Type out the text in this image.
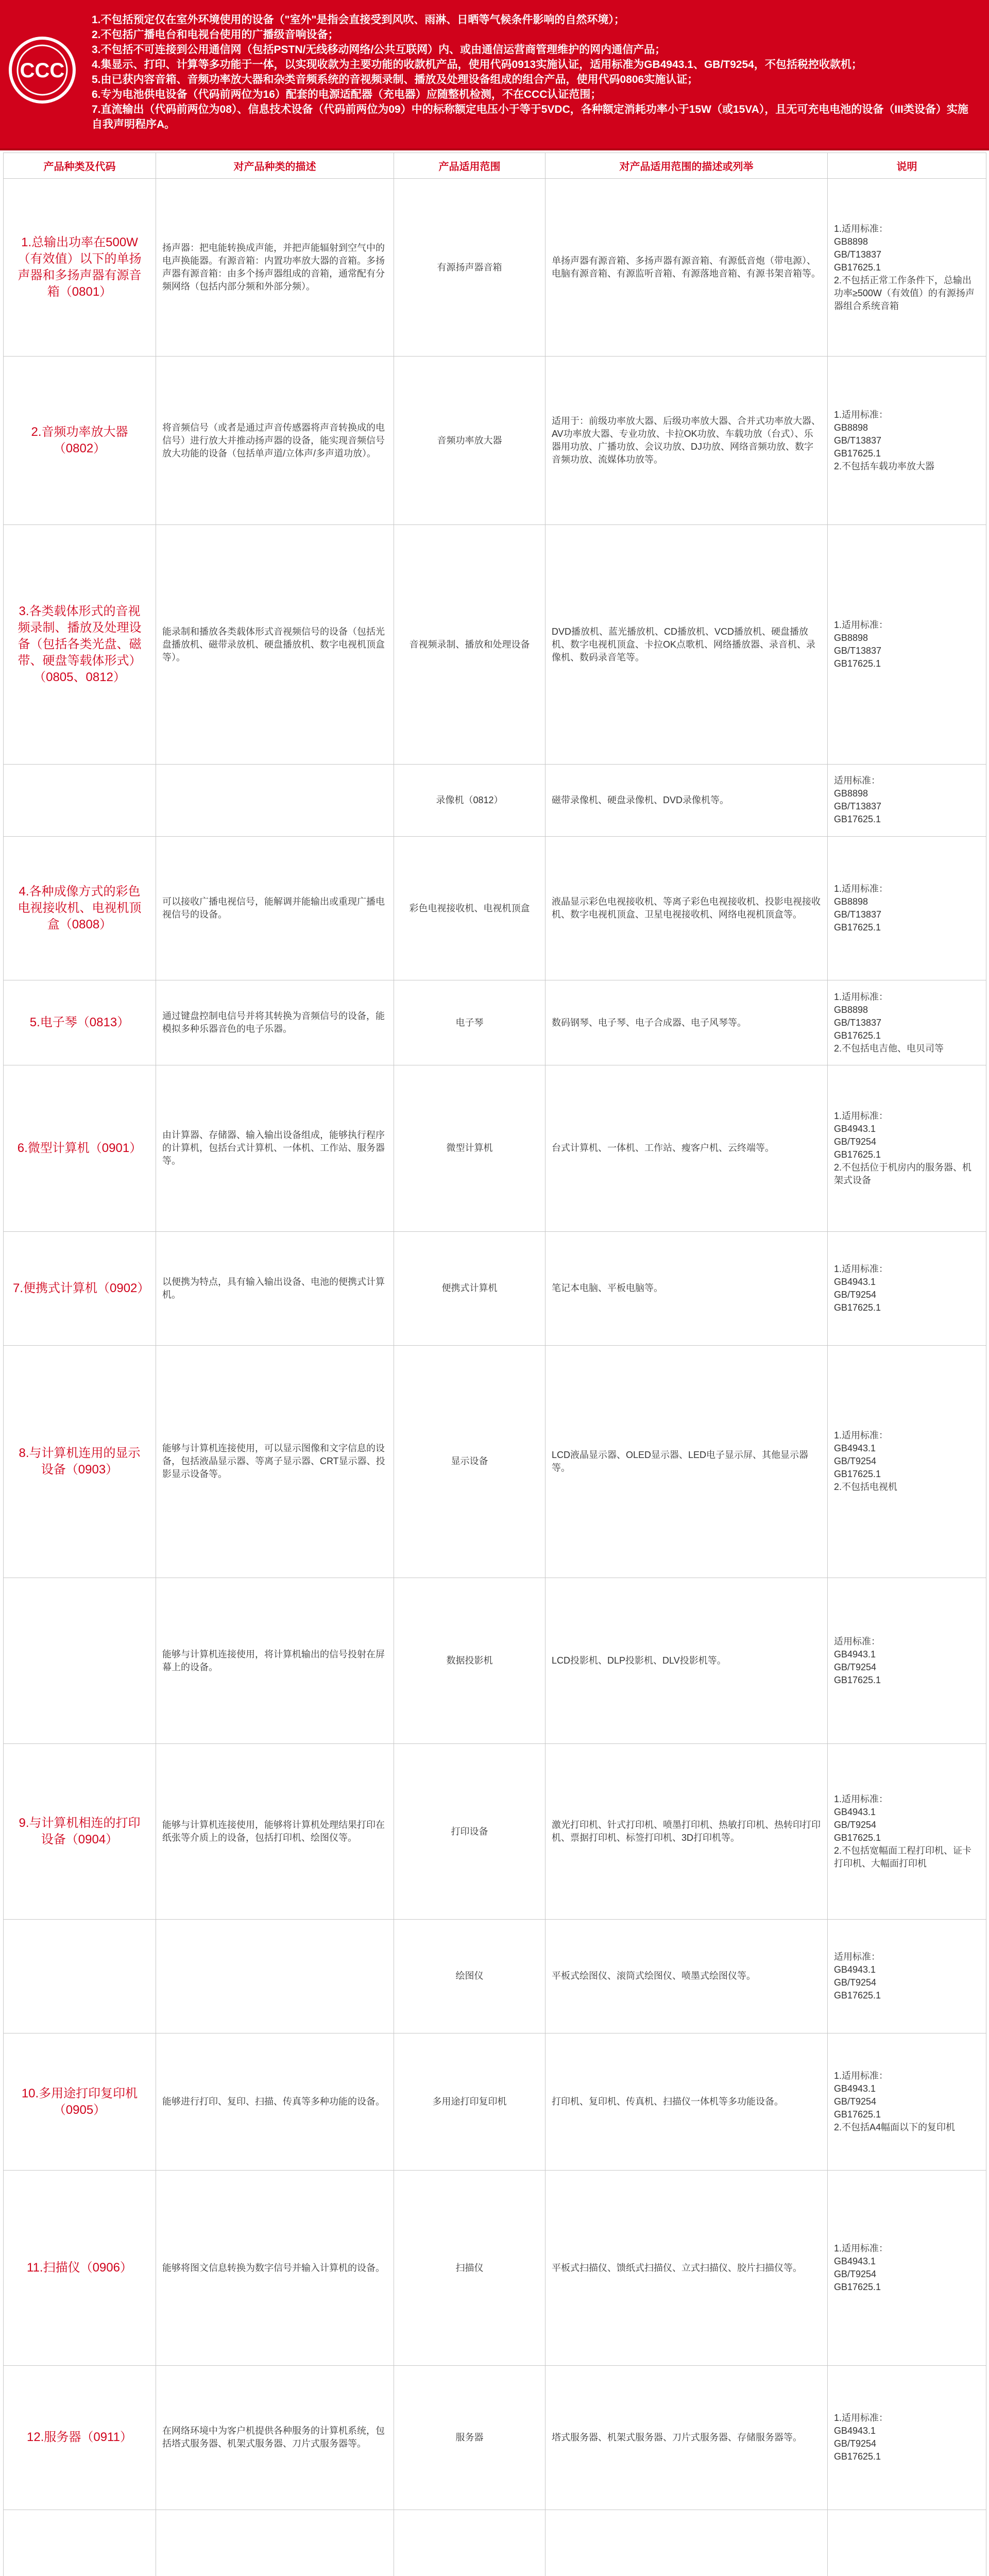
CCC
1.不包括预定仅在室外环境使用的设备（"室外"是指会直接受到风吹、雨淋、日晒等气候条件影响的自然环境）；
2.不包括广播电台和电视台使用的广播级音响设备；
3.不包括不可连接到公用通信网（包括PSTN/无线移动网络/公共互联网）内、或由通信运营商管理维护的网内通信产品；
4.集显示、打印、计算等多功能于一体，以实现收款为主要功能的收款机产品，使用代码0913实施认证，适用标准为GB4943.1、GB/T9254，不包括税控收款机；
5.由已获内容音箱、音频功率放大器和杂类音频系统的音视频录制、播放及处理设备组成的组合产品，使用代码0806实施认证；
6.专为电池供电设备（代码前两位为16）配套的电源适配器（充电器）应随整机检测，不在CCC认证范围；
7.直流输出（代码前两位为08）、信息技术设备（代码前两位为09）中的标称额定电压小于等于5VDC，各种额定消耗功率小于15W（或15VA），且无可充电电池的设备（III类设备）实施自我声明程序A。
产品种类及代码	对产品种类的描述	产品适用范围	对产品适用范围的描述或列举	说明
1.总输出功率在500W（有效值）以下的单扬声器和多扬声器有源音箱（0801）	扬声器：把电能转换成声能，并把声能辐射到空气中的电声换能器。有源音箱：内置功率放大器的音箱。多扬声器有源音箱：由多个扬声器组成的音箱，通常配有分频网络（包括内部分频和外部分频）。	有源扬声器音箱	单扬声器有源音箱、多扬声器有源音箱、有源低音炮（带电源）、电脑有源音箱、有源监听音箱、有源落地音箱、有源书架音箱等。	1.适用标准：
GB8898
GB/T13837
GB17625.1
2.不包括正常工作条件下，总输出功率≥500W（有效值）的有源扬声器组合系统音箱
2.音频功率放大器（0802）	将音频信号（或者是通过声音传感器将声音转换成的电信号）进行放大并推动扬声器的设备，能实现音频信号放大功能的设备（包括单声道/立体声/多声道功放）。	音频功率放大器	适用于：前级功率放大器、后级功率放大器、合并式功率放大器、AV功率放大器、专业功放、卡拉OK功放、车载功放（台式）、乐器用功放、广播功放、会议功放、DJ功放、网络音频功放、数字音频功放、流媒体功放等。	1.适用标准：
GB8898
GB/T13837
GB17625.1
2.不包括车载功率放大器
3.各类载体形式的音视频录制、播放及处理设备（包括各类光盘、磁带、硬盘等载体形式）（0805、0812）	能录制和播放各类载体形式音视频信号的设备（包括光盘播放机、磁带录放机、硬盘播放机、数字电视机顶盒等）。	音视频录制、播放和处理设备	DVD播放机、蓝光播放机、CD播放机、VCD播放机、硬盘播放机、数字电视机顶盒、卡拉OK点歌机、网络播放器、录音机、录像机、数码录音笔等。	1.适用标准：
GB8898
GB/T13837
GB17625.1
		录像机（0812）	磁带录像机、硬盘录像机、DVD录像机等。	适用标准：
GB8898
GB/T13837
GB17625.1
4.各种成像方式的彩色电视接收机、电视机顶盒（0808）	可以接收广播电视信号，能解调并能输出或重现广播电视信号的设备。	彩色电视接收机、电视机顶盒	液晶显示彩色电视接收机、等离子彩色电视接收机、投影电视接收机、数字电视机顶盒、卫星电视接收机、网络电视机顶盒等。	1.适用标准：
GB8898
GB/T13837
GB17625.1
5.电子琴（0813）	通过键盘控制电信号并将其转换为音频信号的设备，能模拟多种乐器音色的电子乐器。	电子琴	数码钢琴、电子琴、电子合成器、电子风琴等。	1.适用标准：
GB8898
GB/T13837
GB17625.1
2.不包括电吉他、电贝司等
6.微型计算机（0901）	由计算器、存储器、输入输出设备组成，能够执行程序的计算机，包括台式计算机、一体机、工作站、服务器等。	微型计算机	台式计算机、一体机、工作站、瘦客户机、云终端等。	1.适用标准：
GB4943.1
GB/T9254
GB17625.1
2.不包括位于机房内的服务器、机架式设备
7.便携式计算机（0902）	以便携为特点，具有输入输出设备、电池的便携式计算机。	便携式计算机	笔记本电脑、平板电脑等。	1.适用标准：
GB4943.1
GB/T9254
GB17625.1
8.与计算机连用的显示设备（0903）	能够与计算机连接使用，可以显示图像和文字信息的设备，包括液晶显示器、等离子显示器、CRT显示器、投影显示设备等。	显示设备	LCD液晶显示器、OLED显示器、LED电子显示屏、其他显示器等。	1.适用标准：
GB4943.1
GB/T9254
GB17625.1
2.不包括电视机
	能够与计算机连接使用，将计算机输出的信号投射在屏幕上的设备。	数据投影机	LCD投影机、DLP投影机、DLV投影机等。	适用标准：
GB4943.1
GB/T9254
GB17625.1
9.与计算机相连的打印设备（0904）	能够与计算机连接使用，能够将计算机处理结果打印在纸张等介质上的设备，包括打印机、绘图仪等。	打印设备	激光打印机、针式打印机、喷墨打印机、热敏打印机、热转印打印机、票据打印机、标签打印机、3D打印机等。	1.适用标准：
GB4943.1
GB/T9254
GB17625.1
2.不包括宽幅面工程打印机、证卡打印机、大幅面打印机
		绘图仪	平板式绘图仪、滚筒式绘图仪、喷墨式绘图仪等。	适用标准：
GB4943.1
GB/T9254
GB17625.1
10.多用途打印复印机（0905）	能够进行打印、复印、扫描、传真等多种功能的设备。	多用途打印复印机	打印机、复印机、传真机、扫描仪一体机等多功能设备。	1.适用标准：
GB4943.1
GB/T9254
GB17625.1
2.不包括A4幅面以下的复印机
11.扫描仪（0906）	能够将图文信息转换为数字信号并输入计算机的设备。	扫描仪	平板式扫描仪、馈纸式扫描仪、立式扫描仪、胶片扫描仪等。	1.适用标准：
GB4943.1
GB/T9254
GB17625.1
12.服务器（0911）	在网络环境中为客户机提供各种服务的计算机系统，包括塔式服务器、机架式服务器、刀片式服务器等。	服务器	塔式服务器、机架式服务器、刀片式服务器、存储服务器等。	1.适用标准：
GB4943.1
GB/T9254
GB17625.1
